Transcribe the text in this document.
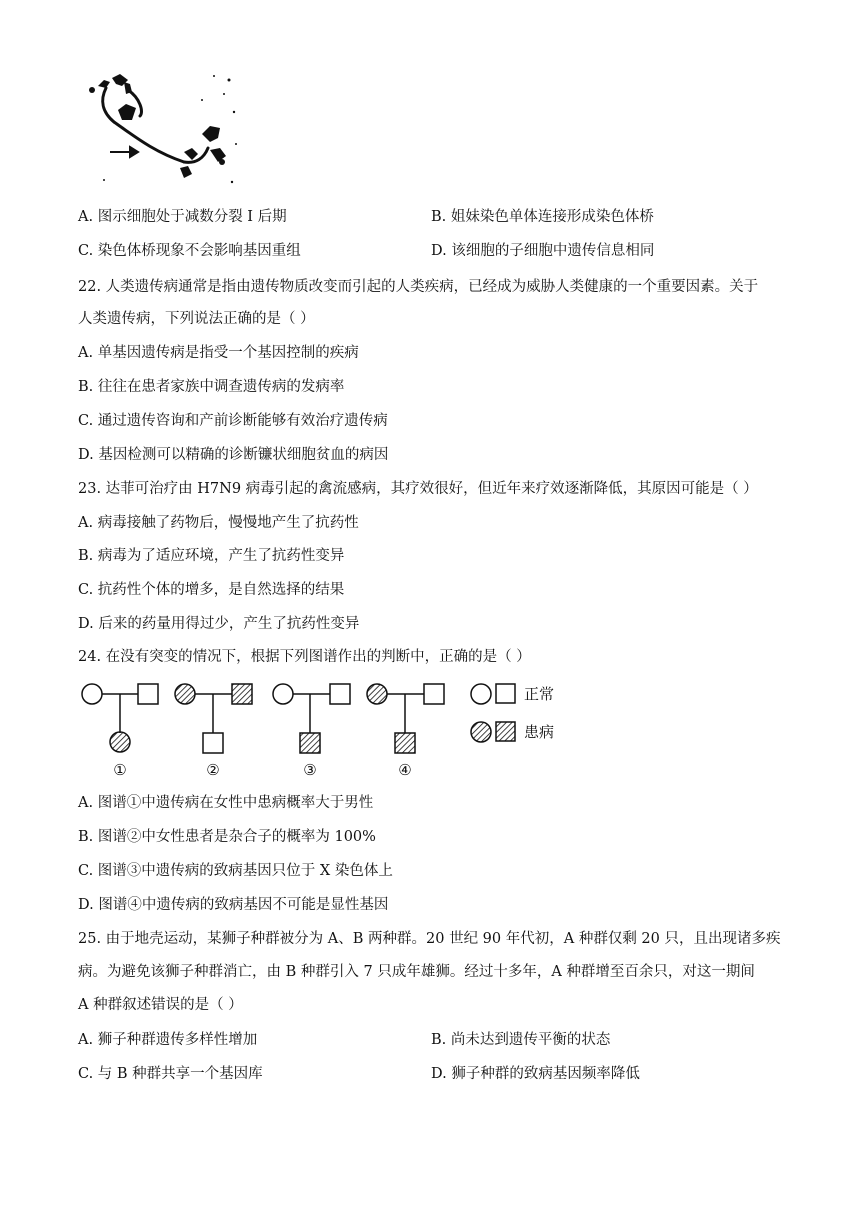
A. 图示细胞处于减数分裂 I 后期	B. 姐妹染色单体连接形成染色体桥
C. 染色体桥现象不会影响基因重组	D. 该细胞的子细胞中遗传信息相同
22. 人类遗传病通常是指由遗传物质改变而引起的人类疾病，已经成为威胁人类健康的一个重要因素。关于
人类遗传病，下列说法正确的是（ ）
A. 单基因遗传病是指受一个基因控制的疾病
B. 往往在患者家族中调查遗传病的发病率
C. 通过遗传咨询和产前诊断能够有效治疗遗传病
D. 基因检测可以精确的诊断镰状细胞贫血的病因
23. 达菲可治疗由 H7N9 病毒引起的禽流感病，其疗效很好，但近年来疗效逐渐降低，其原因可能是（ ）
A. 病毒接触了药物后，慢慢地产生了抗药性
B. 病毒为了适应环境，产生了抗药性变异
C. 抗药性个体的增多，是自然选择的结果
D. 后来的药量用得过少，产生了抗药性变异
24. 在没有突变的情况下，根据下列图谱作出的判断中，正确的是（ ）
①	②	③	④
正常
患病
A. 图谱①中遗传病在女性中患病概率大于男性
B. 图谱②中女性患者是杂合子的概率为 100%
C. 图谱③中遗传病的致病基因只位于 X 染色体上
D. 图谱④中遗传病的致病基因不可能是显性基因
25. 由于地壳运动，某狮子种群被分为 A、B 两种群。20 世纪 90 年代初，A 种群仅剩 20 只，且出现诸多疾
病。为避免该狮子种群消亡，由 B 种群引入 7 只成年雄狮。经过十多年，A 种群增至百余只，对这一期间
A 种群叙述错误的是（ ）
A. 狮子种群遗传多样性增加	B. 尚未达到遗传平衡的状态
C. 与 B 种群共享一个基因库	D. 狮子种群的致病基因频率降低
